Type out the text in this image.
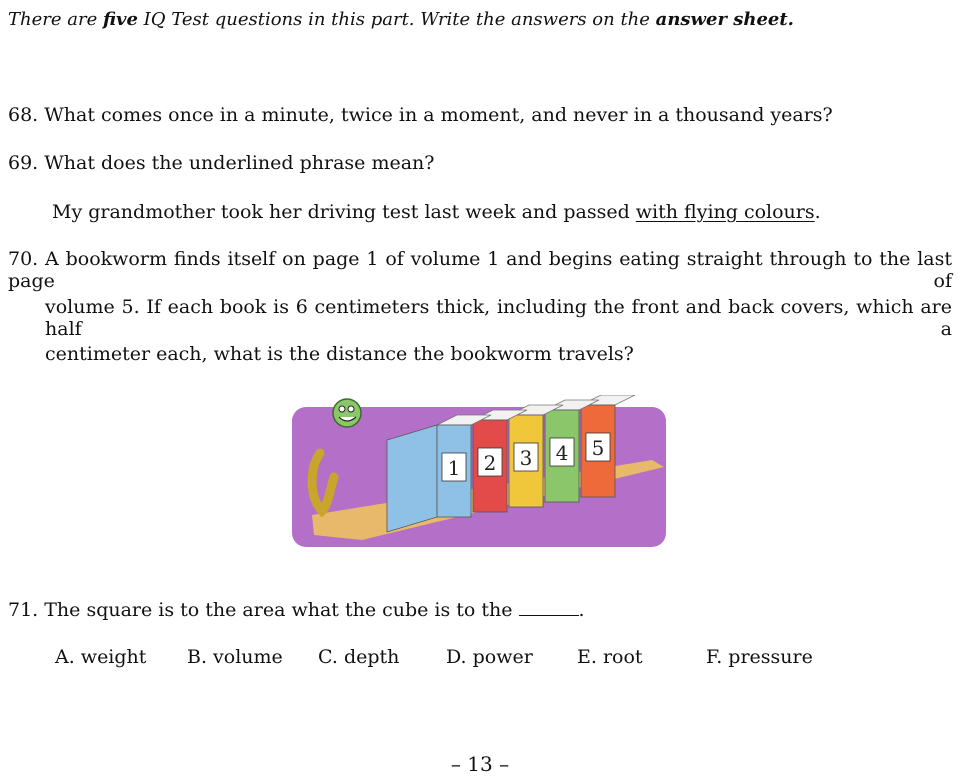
There are five IQ Test questions in this part. Write the answers on the answer sheet.
68. What comes once in a minute, twice in a moment, and never in a thousand years?
69. What does the underlined phrase mean?
My grandmother took her driving test last week and passed with flying colours.
70. A bookworm finds itself on page 1 of volume 1 and begins eating straight through to the last page of
volume 5. If each book is 6 centimeters thick, including the front and back covers, which are half a
centimeter each, what is the distance the bookworm travels?
5
4
3
2
1
71. The square is to the area what the cube is to the	.
A. weight B. volume C. depth D. power E. root	F. pressure
– 13 –
